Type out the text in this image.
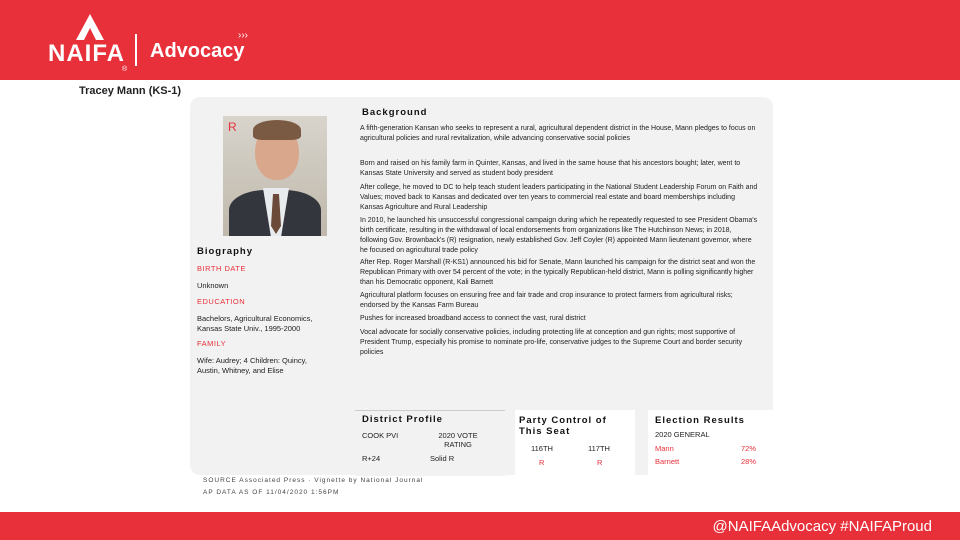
NAIFA
®
Advocacy
›››
Tracey Mann (KS-1)
R
Biography
BIRTH DATE
Unknown
EDUCATION
Bachelors, Agricultural Economics, Kansas State Univ., 1995-2000
FAMILY
Wife: Audrey; 4 Children: Quincy, Austin, Whitney, and Elise
Background
A fifth-generation Kansan who seeks to represent a rural, agricultural dependent district in the House, Mann pledges to focus on agricultural policies and rural revitalization, while advancing conservative social policies
Born and raised on his family farm in Quinter, Kansas, and lived in the same house that his ancestors bought; later, went to Kansas State University and served as student body president
After college, he moved to DC to help teach student leaders participating in the National Student Leadership Forum on Faith and Values; moved back to Kansas and dedicated over ten years to commercial real estate and board memberships including Kansas Agriculture and Rural Leadership
In 2010, he launched his unsuccessful congressional campaign during which he repeatedly requested to see President Obama's birth certificate, resulting in the withdrawal of local endorsements from organizations like The Hutchinson News; in 2018, following Gov. Brownback's (R) resignation, newly established Gov. Jeff Coyler (R) appointed Mann lieutenant governor, where he focused on agricultural trade policy
After Rep. Roger Marshall (R-KS1) announced his bid for Senate, Mann launched his campaign for the district seat and won the Republican Primary with over 54 percent of the vote; in the typically Republican-held district, Mann is polling significantly higher than his Democratic opponent, Kali Barnett
Agricultural platform focuses on ensuring free and fair trade and crop insurance to protect farmers from agricultural risks; endorsed by the Kansas Farm Bureau
Pushes for increased broadband access to connect the vast, rural district
Vocal advocate for socially conservative policies, including protecting life at conception and gun rights; most supportive of President Trump, especially his promise to nominate pro-life, conservative judges to the Supreme Court and border security policies
District Profile
COOK PVI	2020 VOTE RATING
R+24	Solid R
Party Control of This Seat
116TH	117TH
R	R
Election Results
2020 GENERAL
Mann	72%
Barnett	28%
SOURCE Associated Press · Vignette by National Journal
AP DATA AS OF 11/04/2020 1:56PM
@NAIFAAdvocacy #NAIFAProud
